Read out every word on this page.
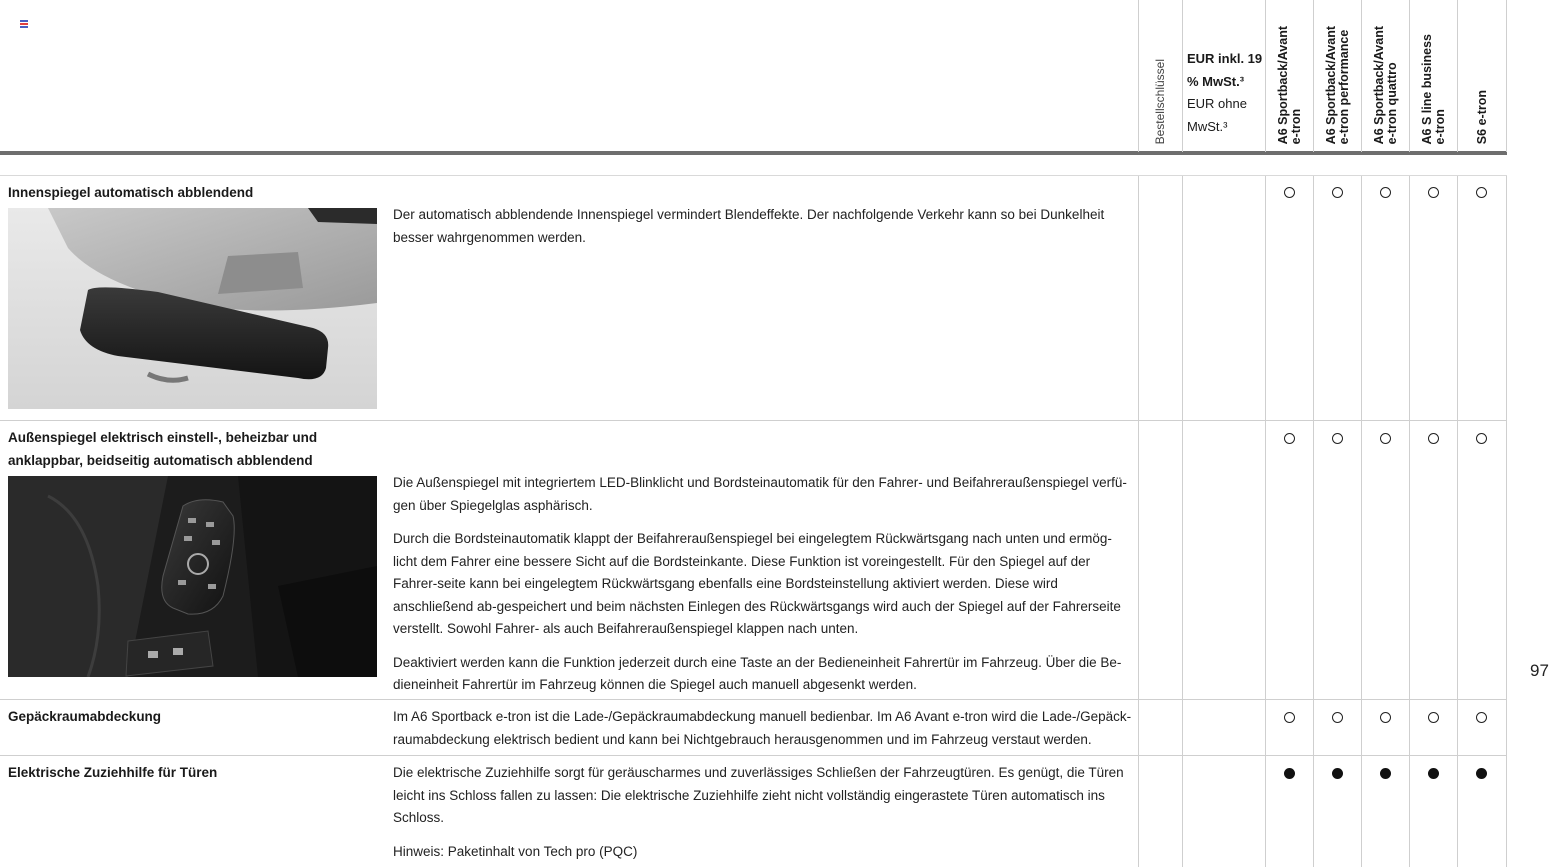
Bestellschlüssel
EUR inkl. 19 % MwSt.³
EUR ohne MwSt.³
A6 Sportback/Avant
e-tron A6 Sportback/Avant
e-tron performance
A6 Sportback/Avant
e-tron quattro
A6 S line business
e-tron S6 e-tron
Innenspiegel automatisch abblendend

Der automatisch abblendende Innenspiegel vermindert Blendeffekte. Der nachfolgende Verkehr kann so bei Dunkelheit besser wahrgenommen werden.

Außenspiegel elektrisch einstell-, beheizbar und anklappbar, beidseitig automatisch abblendend

Die Außenspiegel mit integriertem LED-Blinklicht und Bordsteinautomatik für den Fahrer- und Beifahreraußenspiegel verfü-gen über Spiegelglas asphärisch.

Durch die Bordsteinautomatik klappt der Beifahreraußenspiegel bei eingelegtem Rückwärtsgang nach unten und ermög-licht dem Fahrer eine bessere Sicht auf die Bordsteinkante. Diese Funktion ist voreingestellt. Für den Spiegel auf der Fahrer-seite kann bei eingelegtem Rückwärtsgang ebenfalls eine Bordsteinstellung aktiviert werden. Diese wird anschließend ab-gespeichert und beim nächsten Einlegen des Rückwärtsgangs wird auch der Spiegel auf der Fahrerseite verstellt. Sowohl Fahrer- als auch Beifahreraußenspiegel klappen nach unten.

Deaktiviert werden kann die Funktion jederzeit durch eine Taste an der Bedieneinheit Fahrertür im Fahrzeug. Über die Be-dieneinheit Fahrertür im Fahrzeug können die Spiegel auch manuell abgesenkt werden.

Gepäckraumabdeckung	Im A6 Sportback e-tron ist die Lade-/Gepäckraumabdeckung manuell bedienbar. Im A6 Avant e-tron wird die Lade-/Gepäck-raumabdeckung elektrisch bedient und kann bei Nichtgebrauch herausgenommen und im Fahrzeug verstaut werden.

Elektrische Zuziehhilfe für Türen	Die elektrische Zuziehhilfe sorgt für geräuscharmes und zuverlässiges Schließen der Fahrzeugtüren. Es genügt, die Türen leicht ins Schloss fallen zu lassen: Die elektrische Zuziehhilfe zieht nicht vollständig eingerastete Türen automatisch ins Schloss.

Hinweis: Paketinhalt von Tech pro (PQC)

97
